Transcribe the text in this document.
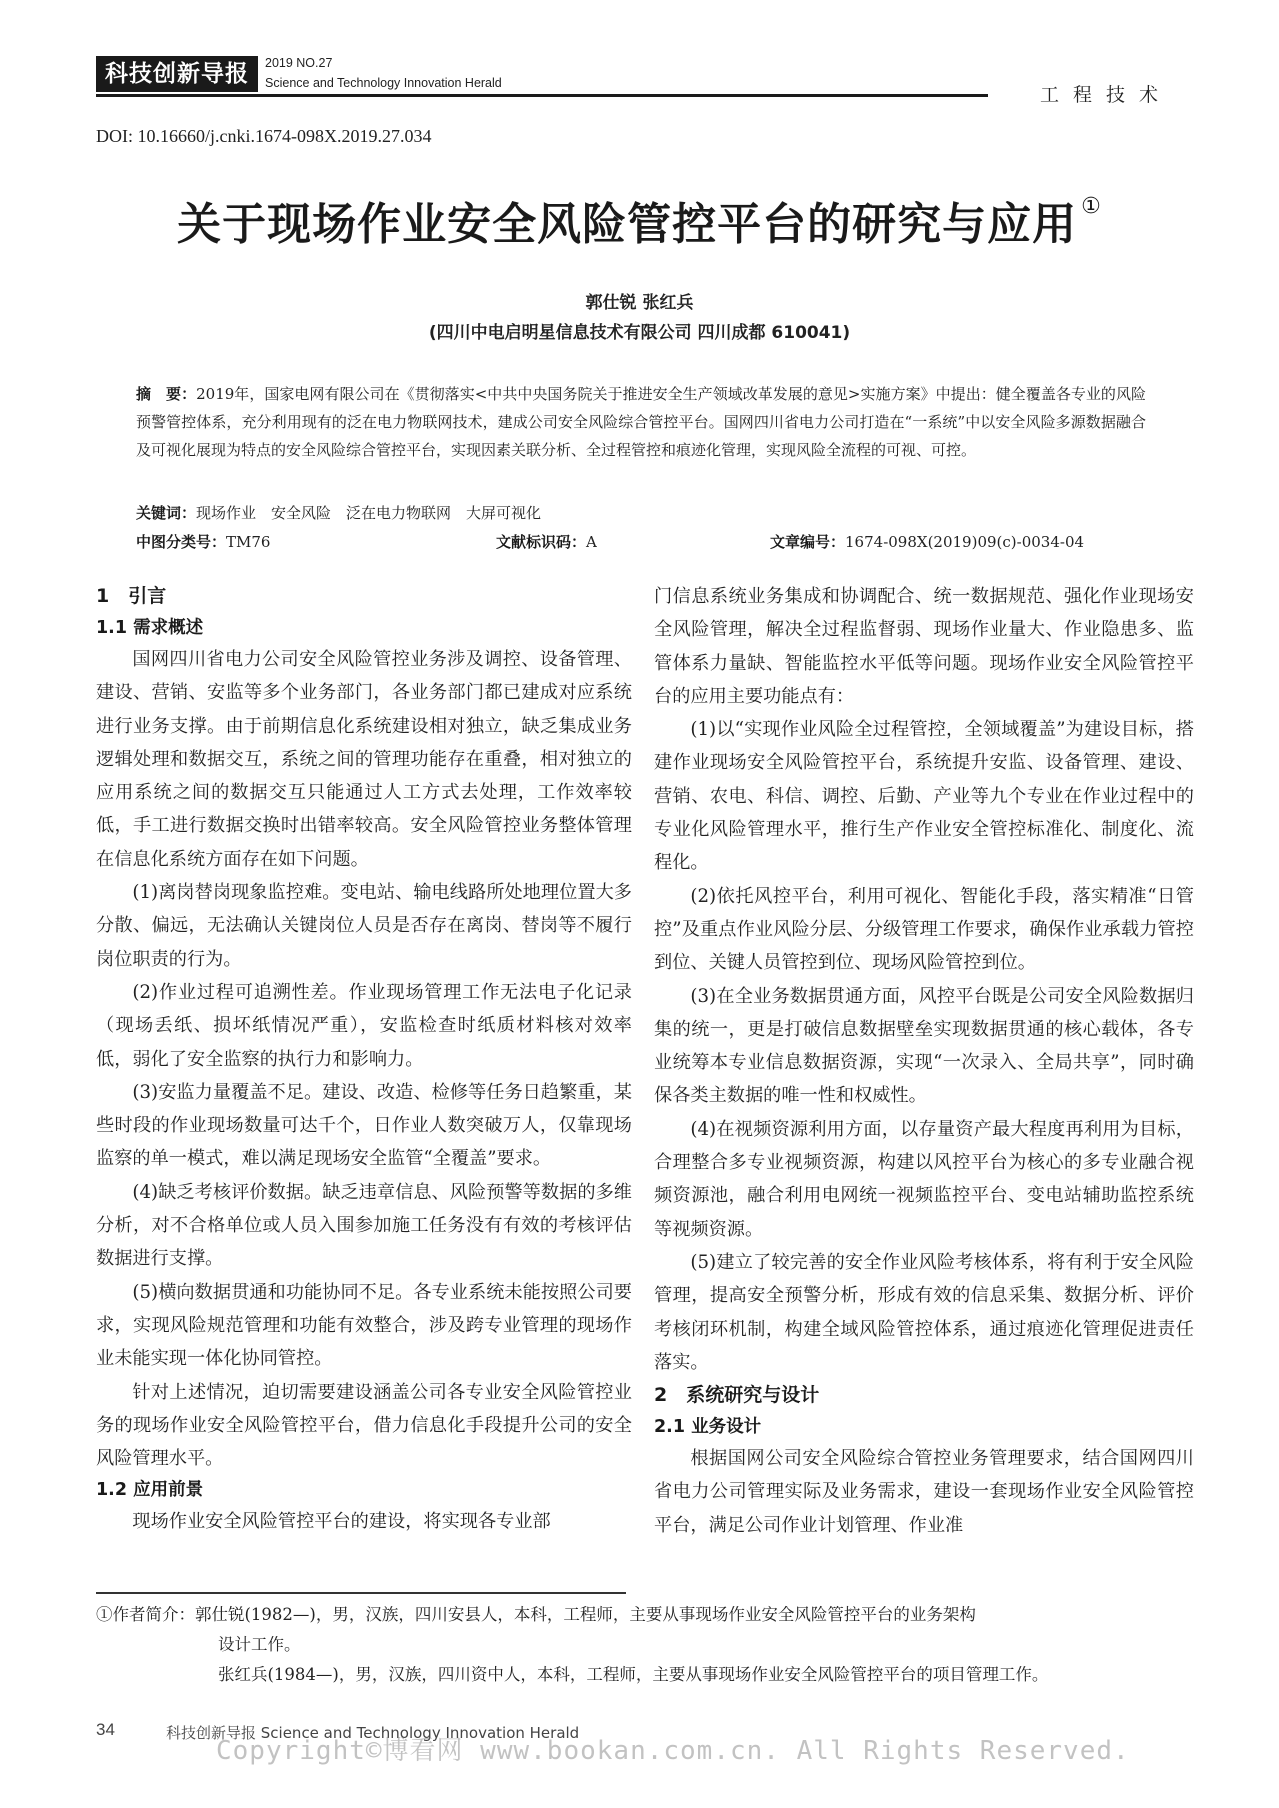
科技创新导报	2019 NO.27
Science and Technology Innovation Herald
工程技术
DOI: 10.16660/j.cnki.1674-098X.2019.27.034
关于现场作业安全风险管控平台的研究与应用 ①
郭仕锐 张红兵
(四川中电启明星信息技术有限公司 四川成都 610041)
摘　要：2019年，国家电网有限公司在《贯彻落实<中共中央国务院关于推进安全生产领域改革发展的意见>实施方案》中提出：健全覆盖各专业的风险预警管控体系，充分利用现有的泛在电力物联网技术，建成公司安全风险综合管控平台。国网四川省电力公司打造在“一系统”中以安全风险多源数据融合及可视化展现为特点的安全风险综合管控平台，实现因素关联分析、全过程管控和痕迹化管理，实现风险全流程的可视、可控。
关键词：现场作业　安全风险　泛在电力物联网　大屏可视化
中图分类号：TM76	文献标识码：A	文章编号：1674-098X(2019)09(c)-0034-04
1　引言
1.1 需求概述

国网四川省电力公司安全风险管控业务涉及调控、设备管理、建设、营销、安监等多个业务部门，各业务部门都已建成对应系统进行业务支撑。由于前期信息化系统建设相对独立，缺乏集成业务逻辑处理和数据交互，系统之间的管理功能存在重叠，相对独立的应用系统之间的数据交互只能通过人工方式去处理，工作效率较低，手工进行数据交换时出错率较高。安全风险管控业务整体管理在信息化系统方面存在如下问题。

(1)离岗替岗现象监控难。变电站、输电线路所处地理位置大多分散、偏远，无法确认关键岗位人员是否存在离岗、替岗等不履行岗位职责的行为。

(2)作业过程可追溯性差。作业现场管理工作无法电子化记录（现场丢纸、损坏纸情况严重），安监检查时纸质材料核对效率低，弱化了安全监察的执行力和影响力。

(3)安监力量覆盖不足。建设、改造、检修等任务日趋繁重，某些时段的作业现场数量可达千个，日作业人数突破万人，仅靠现场监察的单一模式，难以满足现场安全监管“全覆盖”要求。

(4)缺乏考核评价数据。缺乏违章信息、风险预警等数据的多维分析，对不合格单位或人员入围参加施工任务没有有效的考核评估数据进行支撑。

(5)横向数据贯通和功能协同不足。各专业系统未能按照公司要求，实现风险规范管理和功能有效整合，涉及跨专业管理的现场作业未能实现一体化协同管控。

针对上述情况，迫切需要建设涵盖公司各专业安全风险管控业务的现场作业安全风险管控平台，借力信息化手段提升公司的安全风险管理水平。

1.2 应用前景

现场作业安全风险管控平台的建设，将实现各专业部

门信息系统业务集成和协调配合、统一数据规范、强化作业现场安全风险管理，解决全过程监督弱、现场作业量大、作业隐患多、监管体系力量缺、智能监控水平低等问题。现场作业安全风险管控平台的应用主要功能点有：

(1)以“实现作业风险全过程管控，全领域覆盖”为建设目标，搭建作业现场安全风险管控平台，系统提升安监、设备管理、建设、营销、农电、科信、调控、后勤、产业等九个专业在作业过程中的专业化风险管理水平，推行生产作业安全管控标准化、制度化、流程化。

(2)依托风控平台，利用可视化、智能化手段，落实精准“日管控”及重点作业风险分层、分级管理工作要求，确保作业承载力管控到位、关键人员管控到位、现场风险管控到位。

(3)在全业务数据贯通方面，风控平台既是公司安全风险数据归集的统一，更是打破信息数据壁垒实现数据贯通的核心载体，各专业统筹本专业信息数据资源，实现“一次录入、全局共享”，同时确保各类主数据的唯一性和权威性。

(4)在视频资源利用方面，以存量资产最大程度再利用为目标，合理整合多专业视频资源，构建以风控平台为核心的多专业融合视频资源池，融合利用电网统一视频监控平台、变电站辅助监控系统等视频资源。

(5)建立了较完善的安全作业风险考核体系，将有利于安全风险管理，提高安全预警分析，形成有效的信息采集、数据分析、评价考核闭环机制，构建全域风险管控体系，通过痕迹化管理促进责任落实。

2　系统研究与设计
2.1 业务设计

根据国网公司安全风险综合管控业务管理要求，结合国网四川省电力公司管理实际及业务需求，建设一套现场作业安全风险管控平台，满足公司作业计划管理、作业准

①作者简介：郭仕锐(1982—)，男，汉族，四川安县人，本科，工程师，主要从事现场作业安全风险管控平台的业务架构
设计工作。
张红兵(1984—)，男，汉族，四川资中人，本科，工程师，主要从事现场作业安全风险管控平台的项目管理工作。
34	科技创新导报 Science and Technology Innovation Herald
Copyright©博看网 www.bookan.com.cn. All Rights Reserved.
